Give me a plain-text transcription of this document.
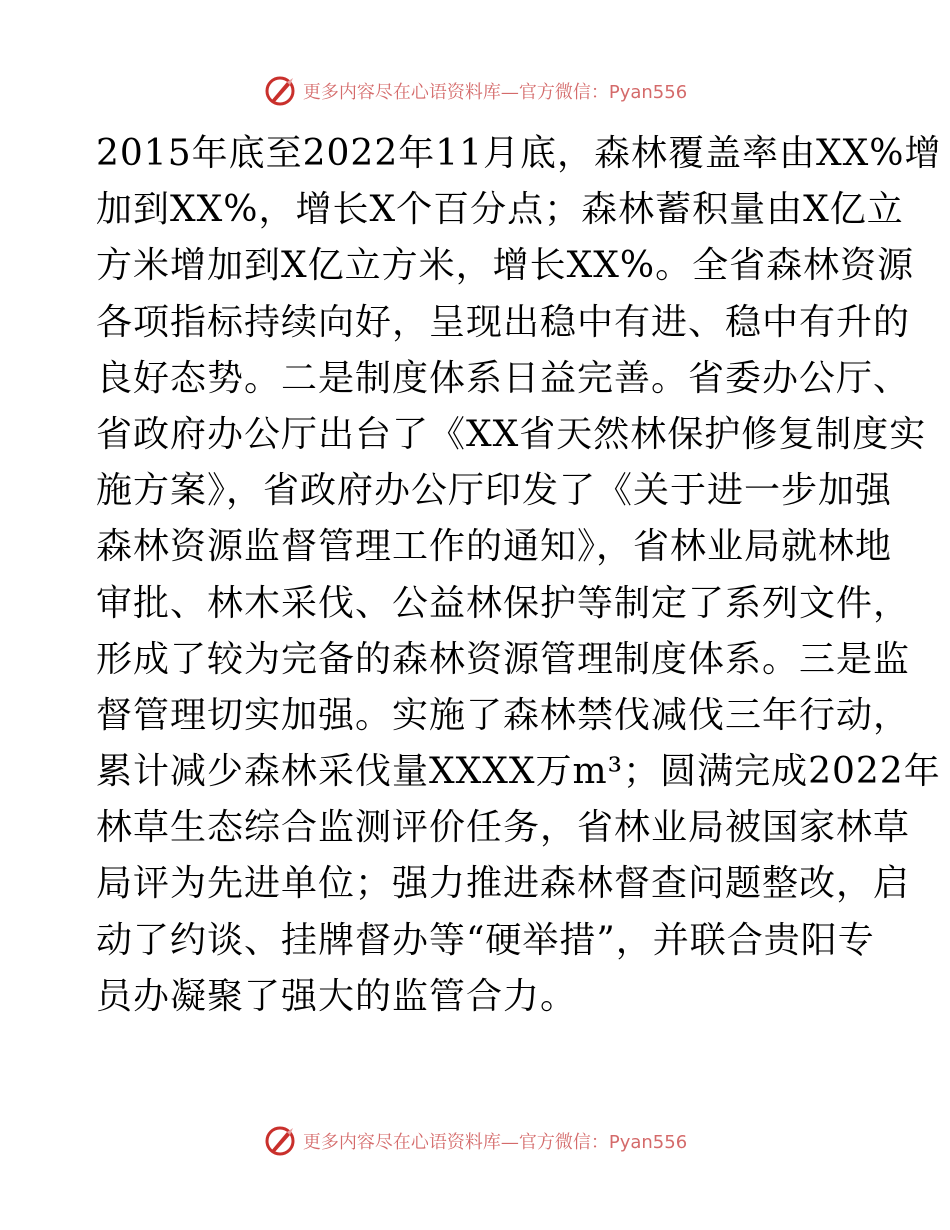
更多内容尽在心语资料库—官方微信：Pyan556
2015年底至2022年11月底，森林覆盖率由XX%增
加到XX%，增长X个百分点；森林蓄积量由X亿立
方米增加到X亿立方米，增长XX%。全省森林资源
各项指标持续向好，呈现出稳中有进、稳中有升的
良好态势。二是制度体系日益完善。省委办公厅、
省政府办公厅出台了《XX省天然林保护修复制度实
施方案》，省政府办公厅印发了《关于进一步加强
森林资源监督管理工作的通知》，省林业局就林地
审批、林木采伐、公益林保护等制定了系列文件，
形成了较为完备的森林资源管理制度体系。三是监
督管理切实加强。实施了森林禁伐减伐三年行动，
累计减少森林采伐量XXXX万m³；圆满完成2022年
林草生态综合监测评价任务，省林业局被国家林草
局评为先进单位；强力推进森林督查问题整改，启
动了约谈、挂牌督办等“硬举措”，并联合贵阳专
员办凝聚了强大的监管合力。
更多内容尽在心语资料库—官方微信：Pyan556
